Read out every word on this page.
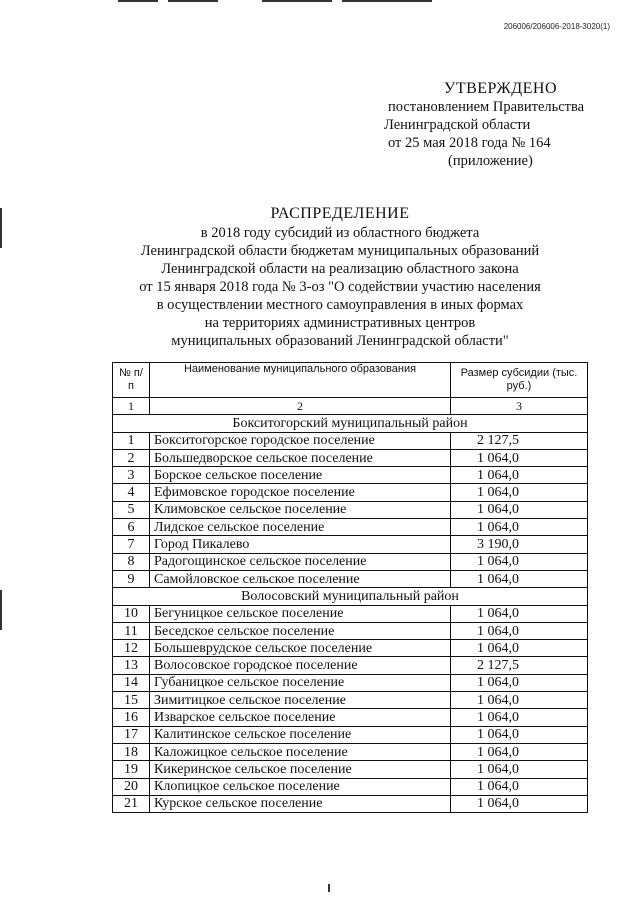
206006/206006-2018-3020(1)
УТВЕРЖДЕНО
постановлением Правительства
Ленинградской области
от 25 мая 2018 года № 164
(приложение)
РАСПРЕДЕЛЕНИЕ
в 2018 году субсидий из областного бюджета
Ленинградской области бюджетам муниципальных образований
Ленинградской области на реализацию областного закона
от 15 января 2018 года № 3-оз "О содействии участию населения
в осуществлении местного самоуправления в иных формах
на территориях административных центров
муниципальных образований Ленинградской области"
№ п/п	Наименование муниципального образования	Размер субсидии (тыс. руб.)
1	2	3
Бокситогорский муниципальный район		
1	Бокситогорское городское поселение	2 127,5
2	Большедворское сельское поселение	1 064,0
3	Борское сельское поселение	1 064,0
4	Ефимовское городское поселение	1 064,0
5	Климовское сельское поселение	1 064,0
6	Лидское сельское поселение	1 064,0
7	Город Пикалево	3 190,0
8	Радогощинское сельское поселение	1 064,0
9	Самойловское сельское поселение	1 064,0
Волосовский муниципальный район		
10	Бегуницкое сельское поселение	1 064,0
11	Беседское сельское поселение	1 064,0
12	Большеврудское сельское поселение	1 064,0
13	Волосовское городское поселение	2 127,5
14	Губаницкое сельское поселение	1 064,0
15	Зимитицкое сельское поселение	1 064,0
16	Изварское сельское поселение	1 064,0
17	Калитинское сельское поселение	1 064,0
18	Каложицкое сельское поселение	1 064,0
19	Кикеринское сельское поселение	1 064,0
20	Клопицкое сельское поселение	1 064,0
21	Курское сельское поселение	1 064,0
